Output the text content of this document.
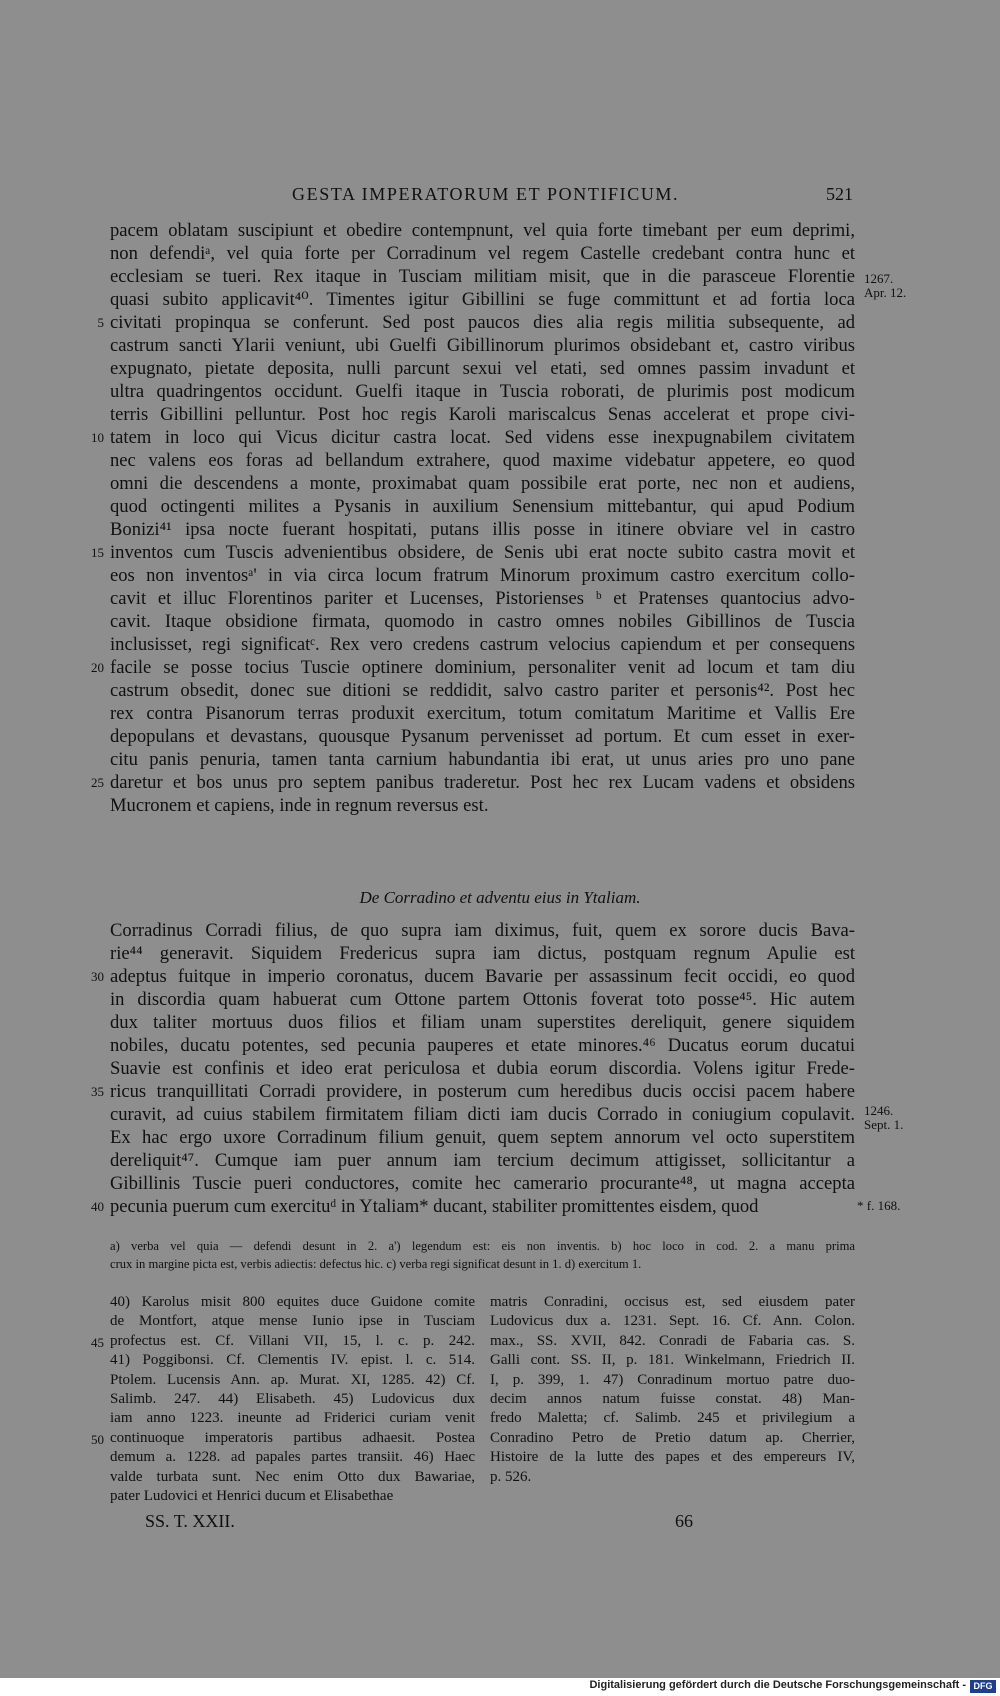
GESTA IMPERATORUM ET PONTIFICUM.	521
pacem oblatam suscipiunt et obedire contempnunt, vel quia forte timebant per eum deprimi,
non defendiᵃ, vel quia forte per Corradinum vel regem Castelle credebant contra hunc et
ecclesiam se tueri. Rex itaque in Tusciam militiam misit, que in die parasceue Florentie
quasi subito applicavit⁴⁰. Timentes igitur Gibillini se fuge committunt et ad fortia loca
civitati propinqua se conferunt. Sed post paucos dies alia regis militia subsequente, ad
castrum sancti Ylarii veniunt, ubi Guelfi Gibillinorum plurimos obsidebant et, castro viribus
expugnato, pietate deposita, nulli parcunt sexui vel etati, sed omnes passim invadunt et
ultra quadringentos occidunt. Guelfi itaque in Tuscia roborati, de plurimis post modicum
terris Gibillini pelluntur. Post hoc regis Karoli mariscalcus Senas accelerat et prope civi-
tatem in loco qui Vicus dicitur castra locat. Sed videns esse inexpugnabilem civitatem
nec valens eos foras ad bellandum extrahere, quod maxime videbatur appetere, eo quod
omni die descendens a monte, proximabat quam possibile erat porte, nec non et audiens,
quod octingenti milites a Pysanis in auxilium Senensium mittebantur, qui apud Podium
Bonizi⁴¹ ipsa nocte fuerant hospitati, putans illis posse in itinere obviare vel in castro
inventos cum Tuscis advenientibus obsidere, de Senis ubi erat nocte subito castra movit et
eos non inventosᵃ' in via circa locum fratrum Minorum proximum castro exercitum collo-
cavit et illuc Florentinos pariter et Lucenses, Pistorienses ᵇ et Pratenses quantocius advo-
cavit. Itaque obsidione firmata, quomodo in castro omnes nobiles Gibillinos de Tuscia
inclusisset, regi significatᶜ. Rex vero credens castrum velocius capiendum et per consequens
facile se posse tocius Tuscie optinere dominium, personaliter venit ad locum et tam diu
castrum obsedit, donec sue ditioni se reddidit, salvo castro pariter et personis⁴². Post hec
rex contra Pisanorum terras produxit exercitum, totum comitatum Maritime et Vallis Ere
depopulans et devastans, quousque Pysanum pervenisset ad portum. Et cum esset in exer-
citu panis penuria, tamen tanta carnium habundantia ibi erat, ut unus aries pro uno pane
daretur et bos unus pro septem panibus traderetur. Post hec rex Lucam vadens et obsidens
Mucronem et capiens, inde in regnum reversus est.
5
10
15
20
25
1267.
Apr. 12.
De Corradino et adventu eius in Ytaliam.
Corradinus Corradi filius, de quo supra iam diximus, fuit, quem ex sorore ducis Bava-
rie⁴⁴ generavit. Siquidem Fredericus supra iam dictus, postquam regnum Apulie est
adeptus fuitque in imperio coronatus, ducem Bavarie per assassinum fecit occidi, eo quod
in discordia quam habuerat cum Ottone partem Ottonis foverat toto posse⁴⁵. Hic autem
dux taliter mortuus duos filios et filiam unam superstites dereliquit, genere siquidem
nobiles, ducatu potentes, sed pecunia pauperes et etate minores.⁴⁶ Ducatus eorum ducatui
Suavie est confinis et ideo erat periculosa et dubia eorum discordia. Volens igitur Frede-
ricus tranquillitati Corradi providere, in posterum cum heredibus ducis occisi pacem habere
curavit, ad cuius stabilem firmitatem filiam dicti iam ducis Corrado in coniugium copulavit.
Ex hac ergo uxore Corradinum filium genuit, quem septem annorum vel octo superstitem
dereliquit⁴⁷. Cumque iam puer annum iam tercium decimum attigisset, sollicitantur a
Gibillinis Tuscie pueri conductores, comite hec camerario procurante⁴⁸, ut magna accepta
pecunia puerum cum exercituᵈ in Ytaliam* ducant, stabiliter promittentes eisdem, quod
30
35
40
1246.
Sept. 1.
* f. 168.
a) verba vel quia — defendi desunt in 2. a') legendum est: eis non inventis. b) hoc loco in cod. 2. a manu prima
crux in margine picta est, verbis adiectis: defectus hic. c) verba regi significat desunt in 1. d) exercitum 1.
40) Karolus misit 800 equites duce Guidone comite
de Montfort, atque mense Iunio ipse in Tusciam
profectus est. Cf. Villani VII, 15, l. c. p. 242.
41) Poggibonsi. Cf. Clementis IV. epist. l. c. 514.
Ptolem. Lucensis Ann. ap. Murat. XI, 1285. 42) Cf.
Salimb. 247. 44) Elisabeth. 45) Ludovicus dux
iam anno 1223. ineunte ad Friderici curiam venit
continuoque imperatoris partibus adhaesit. Postea
demum a. 1228. ad papales partes transiit. 46) Haec
valde turbata sunt. Nec enim Otto dux Bawariae,
pater Ludovici et Henrici ducum et Elisabethae
matris Conradini, occisus est, sed eiusdem pater
Ludovicus dux a. 1231. Sept. 16. Cf. Ann. Colon.
max., SS. XVII, 842. Conradi de Fabaria cas. S.
Galli cont. SS. II, p. 181. Winkelmann, Friedrich II.
I, p. 399, 1. 47) Conradinum mortuo patre duo-
decim annos natum fuisse constat. 48) Man-
fredo Maletta; cf. Salimb. 245 et privilegium a
Conradino Petro de Pretio datum ap. Cherrier,
Histoire de la lutte des papes et des empereurs IV,
p. 526.
45
50
SS. T. XXII.	66
Digitalisierung gefördert durch die Deutsche Forschungsgemeinschaft - DFG
